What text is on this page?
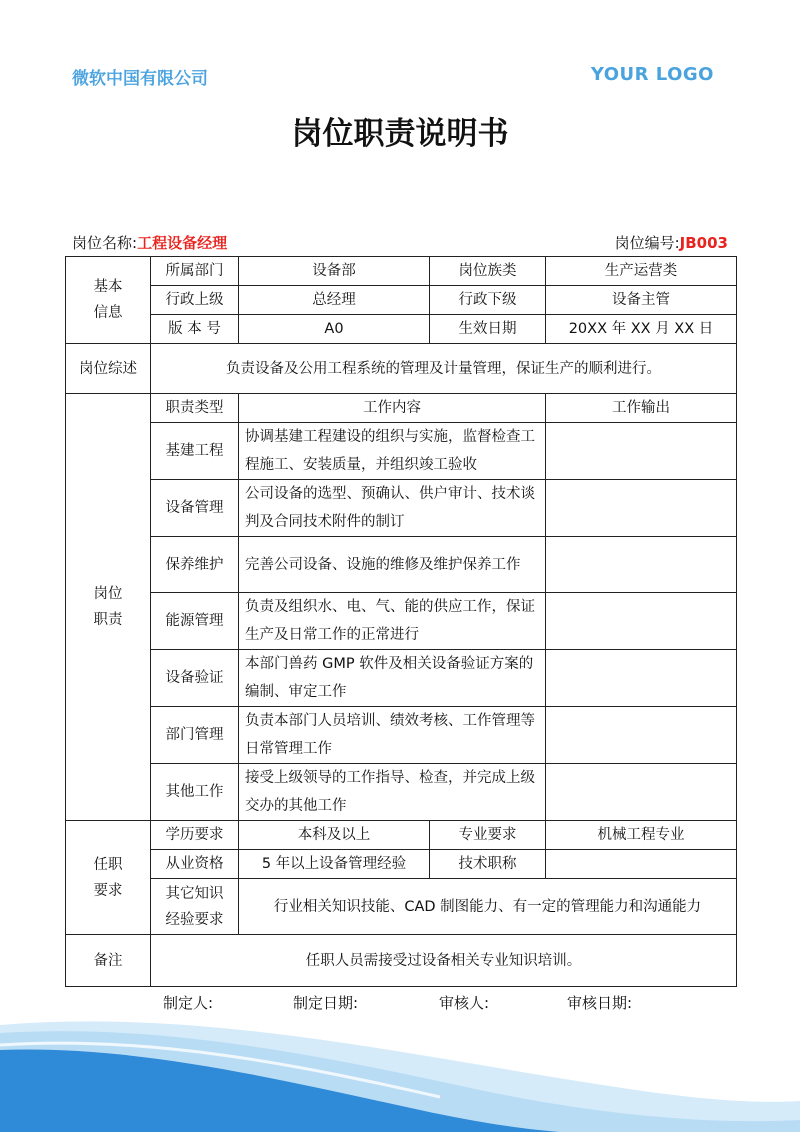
微软中国有限公司	YOUR LOGO
岗位职责说明书
岗位名称:工程设备经理	岗位编号:JB003
基本
信息	所属部门	设备部	岗位族类	生产运营类
	行政上级	总经理	行政下级	设备主管
	版 本 号	A0	生效日期	20XX 年 XX 月 XX 日
岗位综述	负责设备及公用工程系统的管理及计量管理，保证生产的顺利进行。			
岗位
职责	职责类型	工作内容		工作输出
	基建工程	协调基建工程建设的组织与实施，监督检查工程施工、安装质量，并组织竣工验收		
	设备管理	公司设备的选型、预确认、供户审计、技术谈判及合同技术附件的制订		
	保养维护	完善公司设备、设施的维修及维护保养工作		
	能源管理	负责及组织水、电、气、能的供应工作，保证生产及日常工作的正常进行		
	设备验证	本部门兽药 GMP 软件及相关设备验证方案的编制、审定工作		
	部门管理	负责本部门人员培训、绩效考核、工作管理等日常管理工作		
	其他工作	接受上级领导的工作指导、检查，并完成上级交办的其他工作		
任职
要求	学历要求	本科及以上	专业要求	机械工程专业
	从业资格	5 年以上设备管理经验	技术职称	
	其它知识
经验要求	行业相关知识技能、CAD 制图能力、有一定的管理能力和沟通能力		
备注	任职人员需接受过设备相关专业知识培训。			
制定人:	制定日期:	审核人:	审核日期:
